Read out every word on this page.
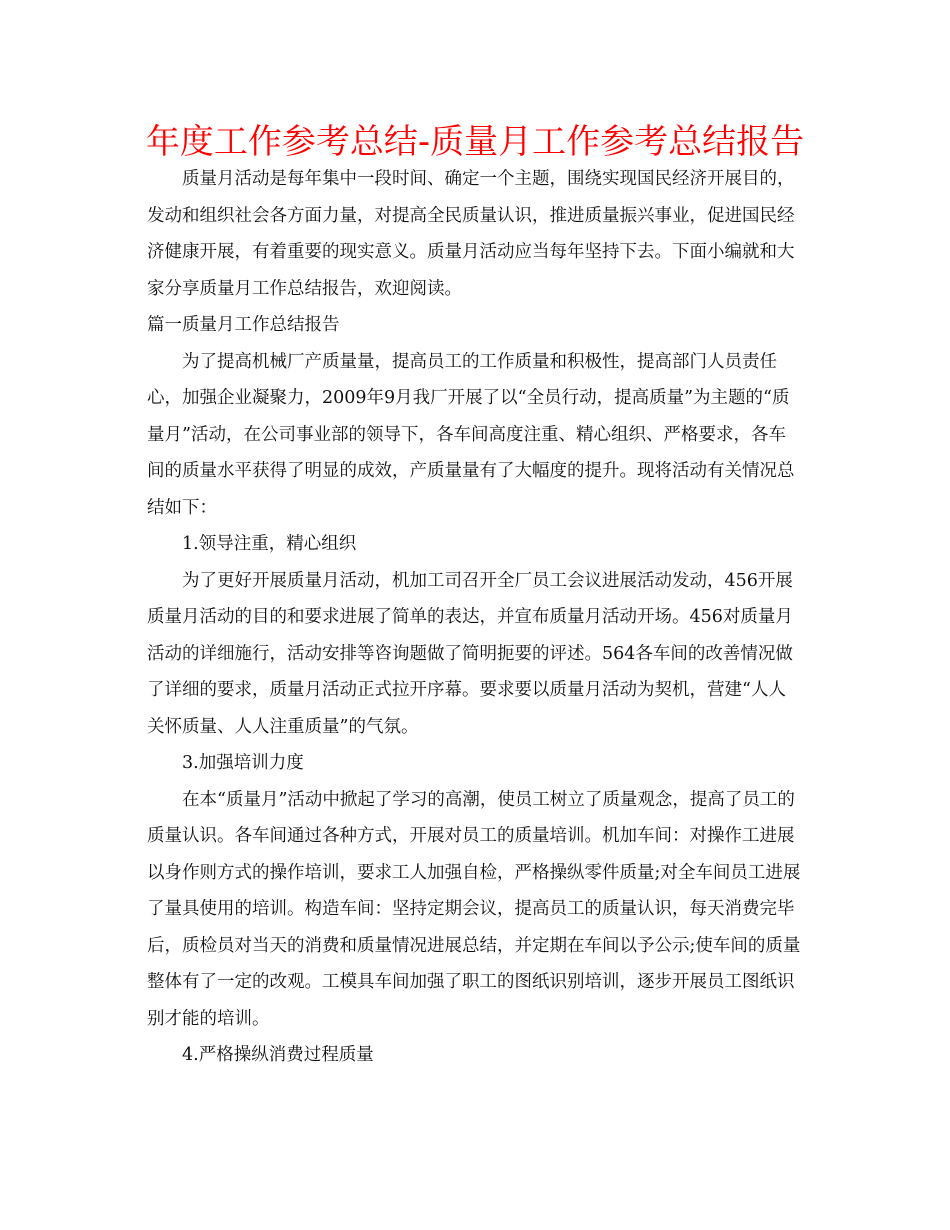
年度工作参考总结-质量月工作参考总结报告

质量月活动是每年集中一段时间、确定一个主题，围绕实现国民经济开展目的，发动和组织社会各方面力量，对提高全民质量认识，推进质量振兴事业，促进国民经济健康开展，有着重要的现实意义。质量月活动应当每年坚持下去。下面小编就和大家分享质量月工作总结报告，欢迎阅读。

篇一质量月工作总结报告

为了提高机械厂产质量量，提高员工的工作质量和积极性，提高部门人员责任心，加强企业凝聚力，2009年9月我厂开展了以“全员行动，提高质量”为主题的“质量月”活动，在公司事业部的领导下，各车间高度注重、精心组织、严格要求，各车间的质量水平获得了明显的成效，产质量量有了大幅度的提升。现将活动有关情况总结如下：

1.领导注重，精心组织

为了更好开展质量月活动，机加工司召开全厂员工会议进展活动发动，456开展质量月活动的目的和要求进展了简单的表达，并宣布质量月活动开场。456对质量月活动的详细施行，活动安排等咨询题做了简明扼要的评述。564各车间的改善情况做了详细的要求，质量月活动正式拉开序幕。要求要以质量月活动为契机，营建“人人关怀质量、人人注重质量”的气氛。

3.加强培训力度

在本“质量月”活动中掀起了学习的高潮，使员工树立了质量观念，提高了员工的质量认识。各车间通过各种方式，开展对员工的质量培训。机加车间：对操作工进展以身作则方式的操作培训，要求工人加强自检，严格操纵零件质量;对全车间员工进展了量具使用的培训。构造车间：坚持定期会议，提高员工的质量认识，每天消费完毕后，质检员对当天的消费和质量情况进展总结，并定期在车间以予公示;使车间的质量整体有了一定的改观。工模具车间加强了职工的图纸识别培训，逐步开展员工图纸识别才能的培训。

4.严格操纵消费过程质量
